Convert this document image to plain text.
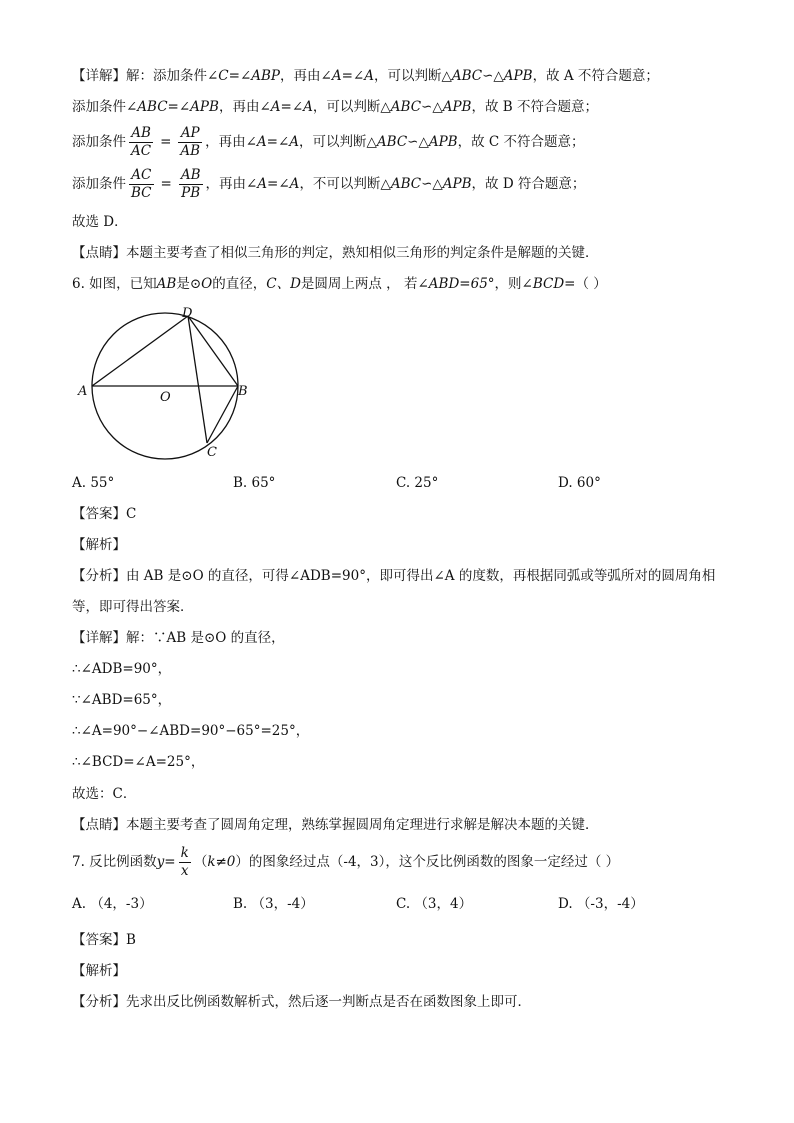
【详解】解：添加条件∠C=∠ABP，再由∠A=∠A，可以判断△ABC∽△APB，故 A 不符合题意；
添加条件∠ABC=∠APB，再由∠A=∠A，可以判断△ABC∽△APB，故 B 不符合题意；
添加条件 $\frac{AB}{AC} = \frac{AP}{AB}$ ，再由∠A=∠A，可以判断△ABC∽△APB，故 C 不符合题意；
添加条件 $\frac{AC}{BC} = \frac{AB}{PB}$ ，再由∠A=∠A，不可以判断△ABC∽△APB，故 D 符合题意；
故选 D．
【点睛】本题主要考查了相似三角形的判定，熟知相似三角形的判定条件是解题的关键．
6. 如图，已知AB是⊙O的直径，C、D是圆周上两点 ， 若∠ABD=65°，则∠BCD=（ ）
A	B
C
D
O
A. 55°	B. 65°	C. 25°	D. 60°
【答案】C
【解析】
【分析】由 AB 是⊙O 的直径，可得∠ADB=90°，即可得出∠A 的度数，再根据同弧或等弧所对的圆周角相
等，即可得出答案．
【详解】解：∵AB 是⊙O 的直径，
∴∠ADB=90°，
∵∠ABD=65°，
∴∠A=90°−∠ABD=90°−65°=25°，
∴∠BCD=∠A=25°，
故选：C．
【点睛】本题主要考查了圆周角定理，熟练掌握圆周角定理进行求解是解决本题的关键．
7. 反比例函数$y= \frac{k}{x} (k\ne 0)$的图象经过点（-4，3），这个反比例函数的图象一定经过（ ）
A. （4，-3）	B. （3，-4）	C. （3，4）	D. （-3，-4）
【答案】B
【解析】
【分析】先求出反比例函数解析式，然后逐一判断点是否在函数图象上即可．
